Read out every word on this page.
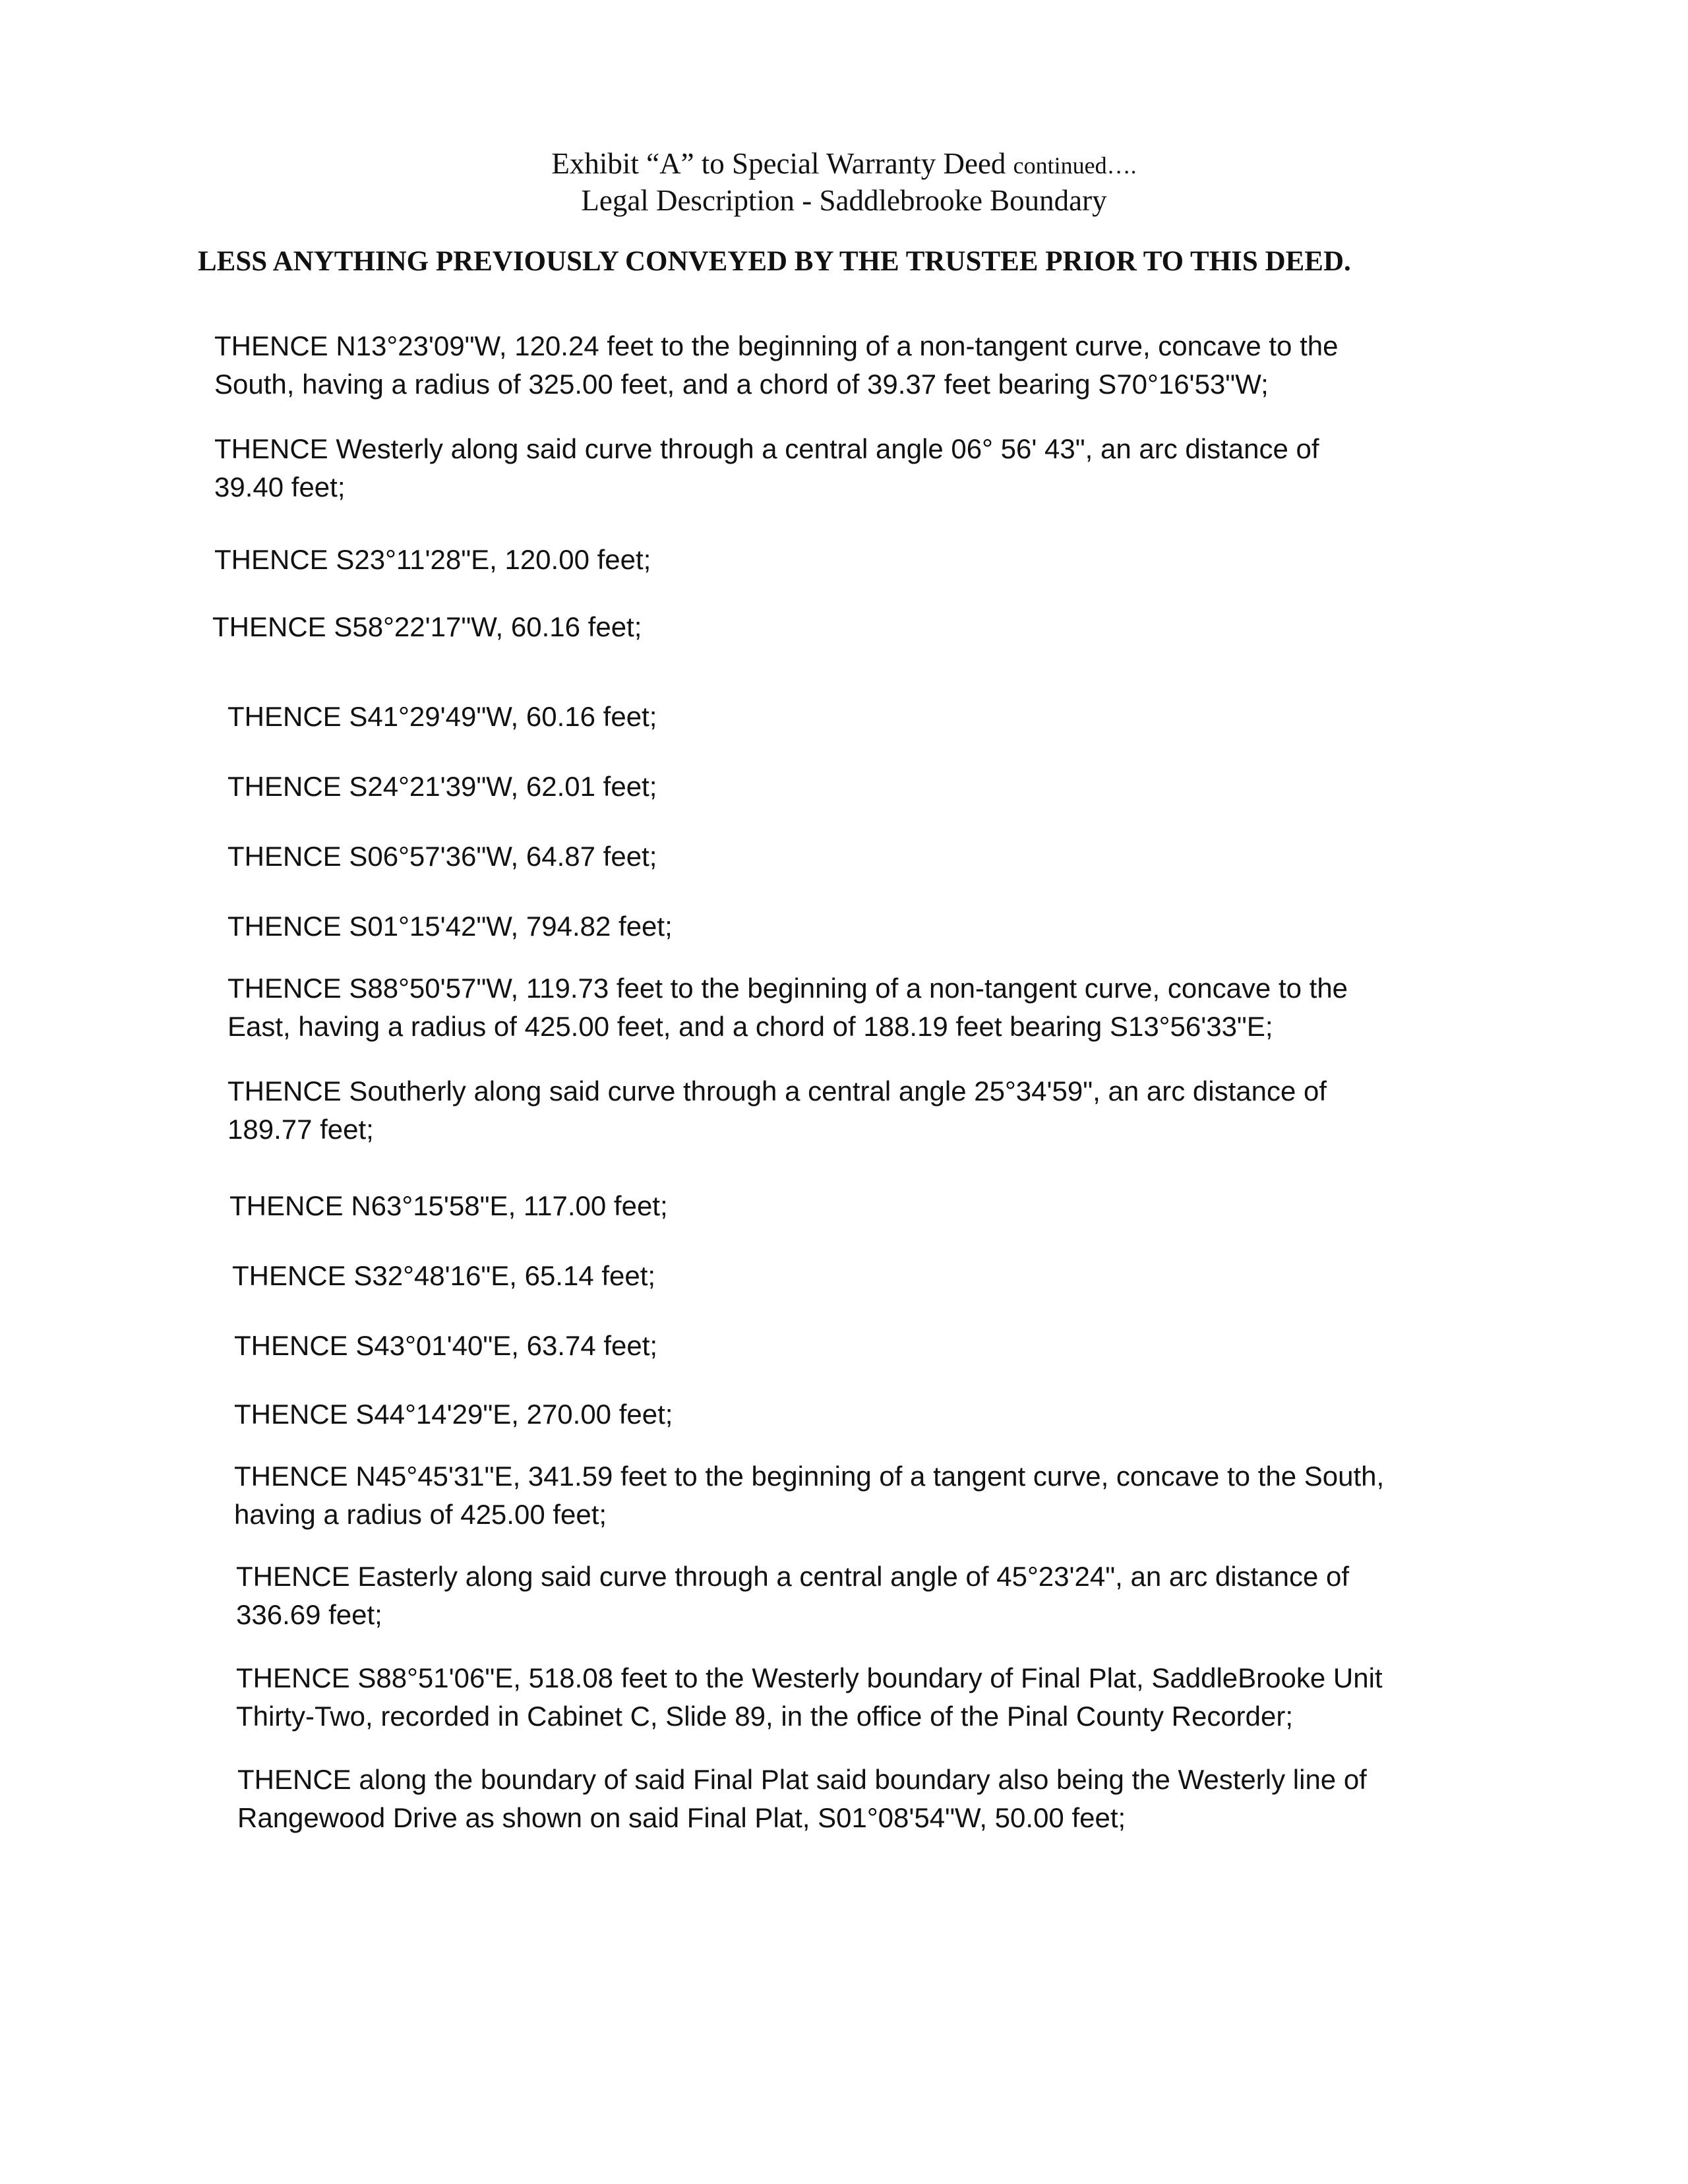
Exhibit “A” to Special Warranty Deed continued….
Legal Description - Saddlebrooke Boundary
LESS ANYTHING PREVIOUSLY CONVEYED BY THE TRUSTEE PRIOR TO THIS DEED.
THENCE N13°23'09"W, 120.24 feet to the beginning of a non-tangent curve, concave to the
South, having a radius of 325.00 feet, and a chord of 39.37 feet bearing S70°16'53"W;
THENCE Westerly along said curve through a central angle 06° 56' 43", an arc distance of
39.40 feet;
THENCE S23°11'28"E, 120.00 feet;
THENCE S58°22'17"W, 60.16 feet;
THENCE S41°29'49"W, 60.16 feet;
THENCE S24°21'39"W, 62.01 feet;
THENCE S06°57'36"W, 64.87 feet;
THENCE S01°15'42"W, 794.82 feet;
THENCE S88°50'57"W, 119.73 feet to the beginning of a non-tangent curve, concave to the
East, having a radius of 425.00 feet, and a chord of 188.19 feet bearing S13°56'33"E;
THENCE Southerly along said curve through a central angle 25°34'59", an arc distance of
189.77 feet;
THENCE N63°15'58"E, 117.00 feet;
THENCE S32°48'16"E, 65.14 feet;
THENCE S43°01'40"E, 63.74 feet;
THENCE S44°14'29"E, 270.00 feet;
THENCE N45°45'31"E, 341.59 feet to the beginning of a tangent curve, concave to the South,
having a radius of 425.00 feet;
THENCE Easterly along said curve through a central angle of 45°23'24", an arc distance of
336.69 feet;
THENCE S88°51'06"E, 518.08 feet to the Westerly boundary of Final Plat, SaddleBrooke Unit
Thirty-Two, recorded in Cabinet C, Slide 89, in the office of the Pinal County Recorder;
THENCE along the boundary of said Final Plat said boundary also being the Westerly line of
Rangewood Drive as shown on said Final Plat, S01°08'54"W, 50.00 feet;
